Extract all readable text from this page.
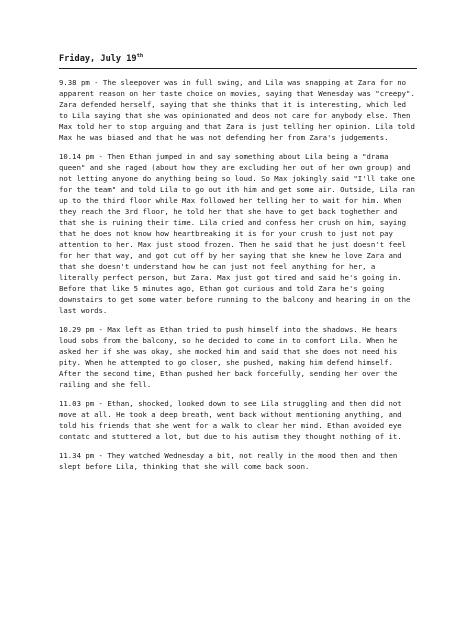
Friday, July 19th

9.38 pm - The sleepover was in full swing, and Lila was snapping at Zara for no apparent reason on her taste choice on movies, saying that Wenesday was "creepy". Zara defended herself, saying that she thinks that it is interesting, which led to Lila saying that she was opinionated and deos not care for anybody else. Then Max told her to stop arguing and that Zara is just telling her opinion. Lila told Max he was biased and that he was not defending her from Zara's judgements.

10.14 pm - Then Ethan jumped in and say something about Lila being a "drama queen" and she raged (about how they are excluding her out of her own group) and not letting anyone do anything being so loud. So Max jokingly said "I'll take one for the team" and told Lila to go out ith him and get some air. Outside, Lila ran up to the third floor while Max followed her telling her to wait for him. When they reach the 3rd floor, he told her that she have to get back toghether and that she is ruining their time. Lila cried and confess her crush on him, saying that he does not know how heartbreaking it is for your crush to just not pay attention to her. Max just stood frozen. Then he said that he just doesn't feel for her that way, and got cut off by her saying that she knew he love Zara and that she doesn't understand how he can just not feel anything for her, a literally perfect person, but Zara. Max just got tired and said he's going in. Before that like 5 minutes ago, Ethan got curious and told Zara he's going downstairs to get some water before running to the balcony and hearing in on the last words.

10.29 pm - Max left as Ethan tried to push himself into the shadows. He hears loud sobs from the balcony, so he decided to come in to comfort Lila. When he asked her if she was okay, she mocked him and said that she does not need his pity. When he attempted to go closer, she pushed, making him defend himself. After the second time, Ethan pushed her back forcefully, sending her over the railing and she fell.

11.03 pm - Ethan, shocked, looked down to see Lila struggling and then did not move at all. He took a deep breath, went back without mentioning anything, and told his friends that she went for a walk to clear her mind. Ethan avoided eye contatc and stuttered a lot, but due to his autism they thought nothing of it.

11.34 pm - They watched Wednesday a bit, not really in the mood then and then slept before Lila, thinking that she will come back soon.
